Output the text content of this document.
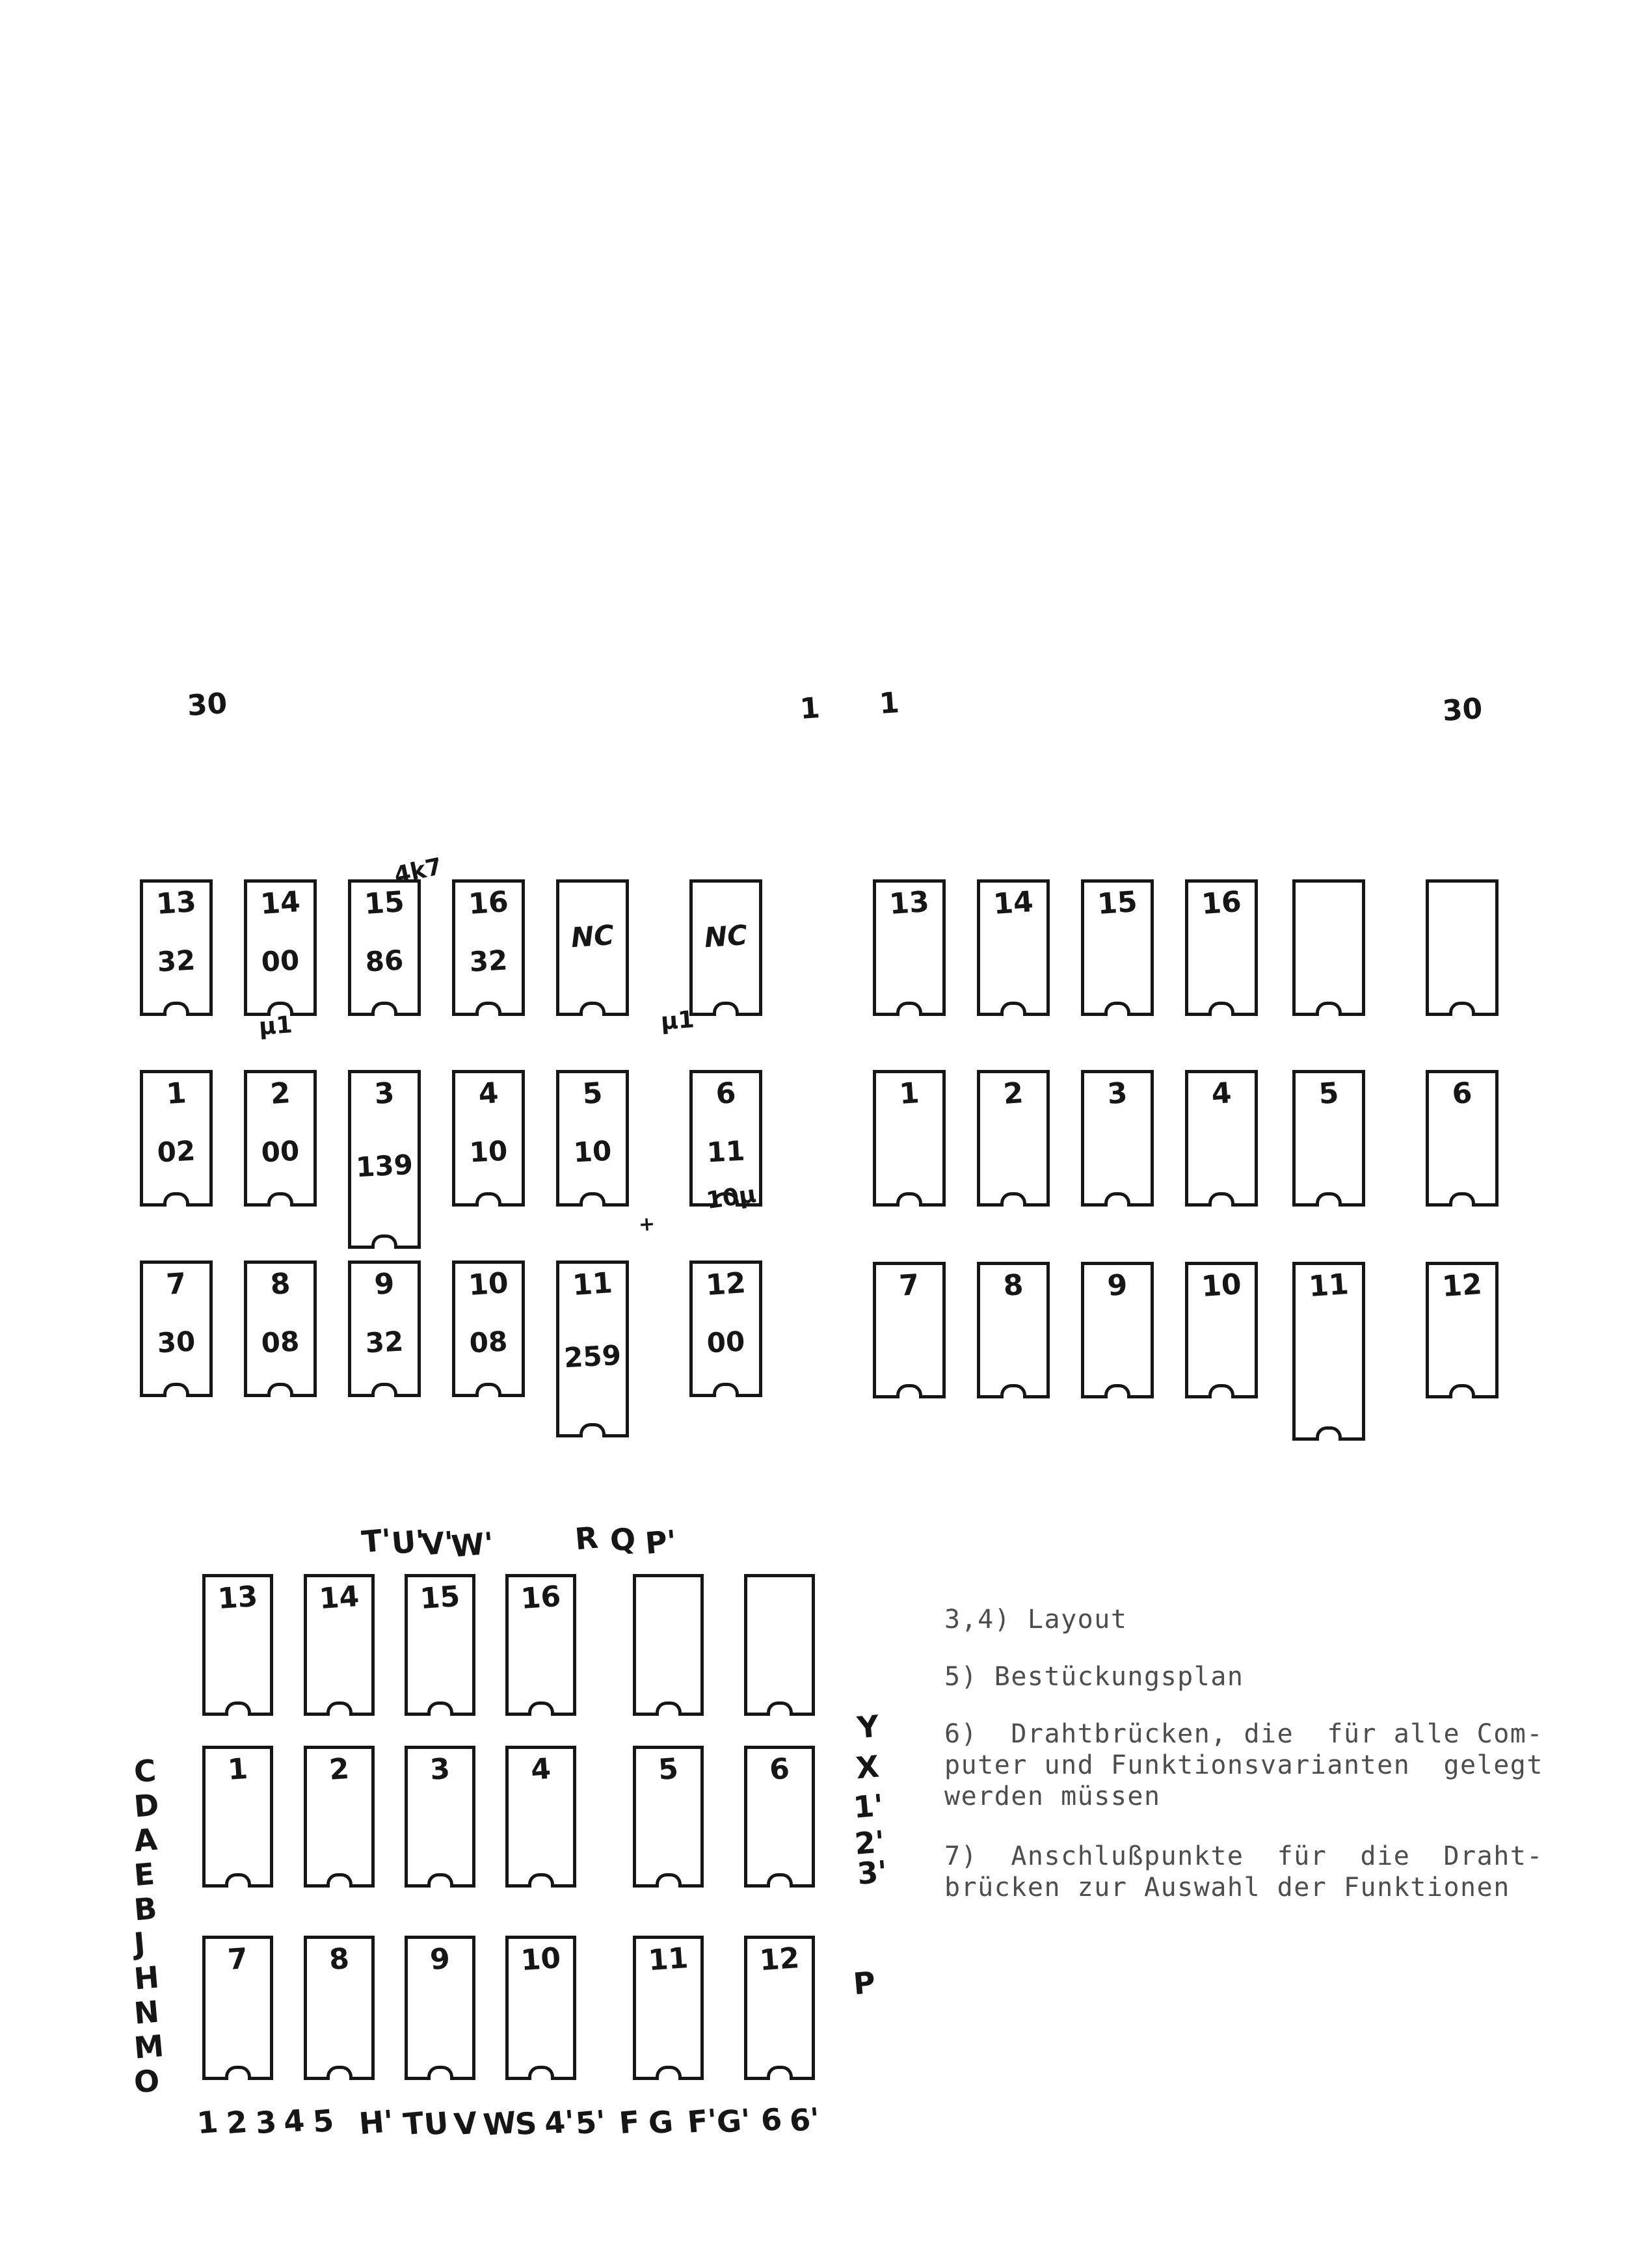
30	1 1	30
13
32
14
00
15
86
16
32
NC	NC
1
02
2
00
3
139
4
10
5
10
6
11
7
30
8
08
9
32
10
08
11
259
12
00
4k7
µ1	µ1
+
10µ
13	14	15	16
1	2	3	4	5	6
7	8	9	10	11	12
13	14	15	16
1	2	3	4	5	6
7	8	9	10	11	12
T'
U'
V'
W'	R Q P'
Y
X
1'
2'
3'
P
C
D
A
E
B
J
H
N
M
O
1 2 3 4 5 H' T
U V W
S 4'
5' F G F'
G' 6 6'
3,4) Layout
5) Bestückungsplan
6)  Drahtbrücken, die  für alle Com-
puter und Funktionsvarianten  gelegt
werden müssen
7)  Anschlußpunkte  für  die  Draht-
brücken zur Auswahl der Funktionen
